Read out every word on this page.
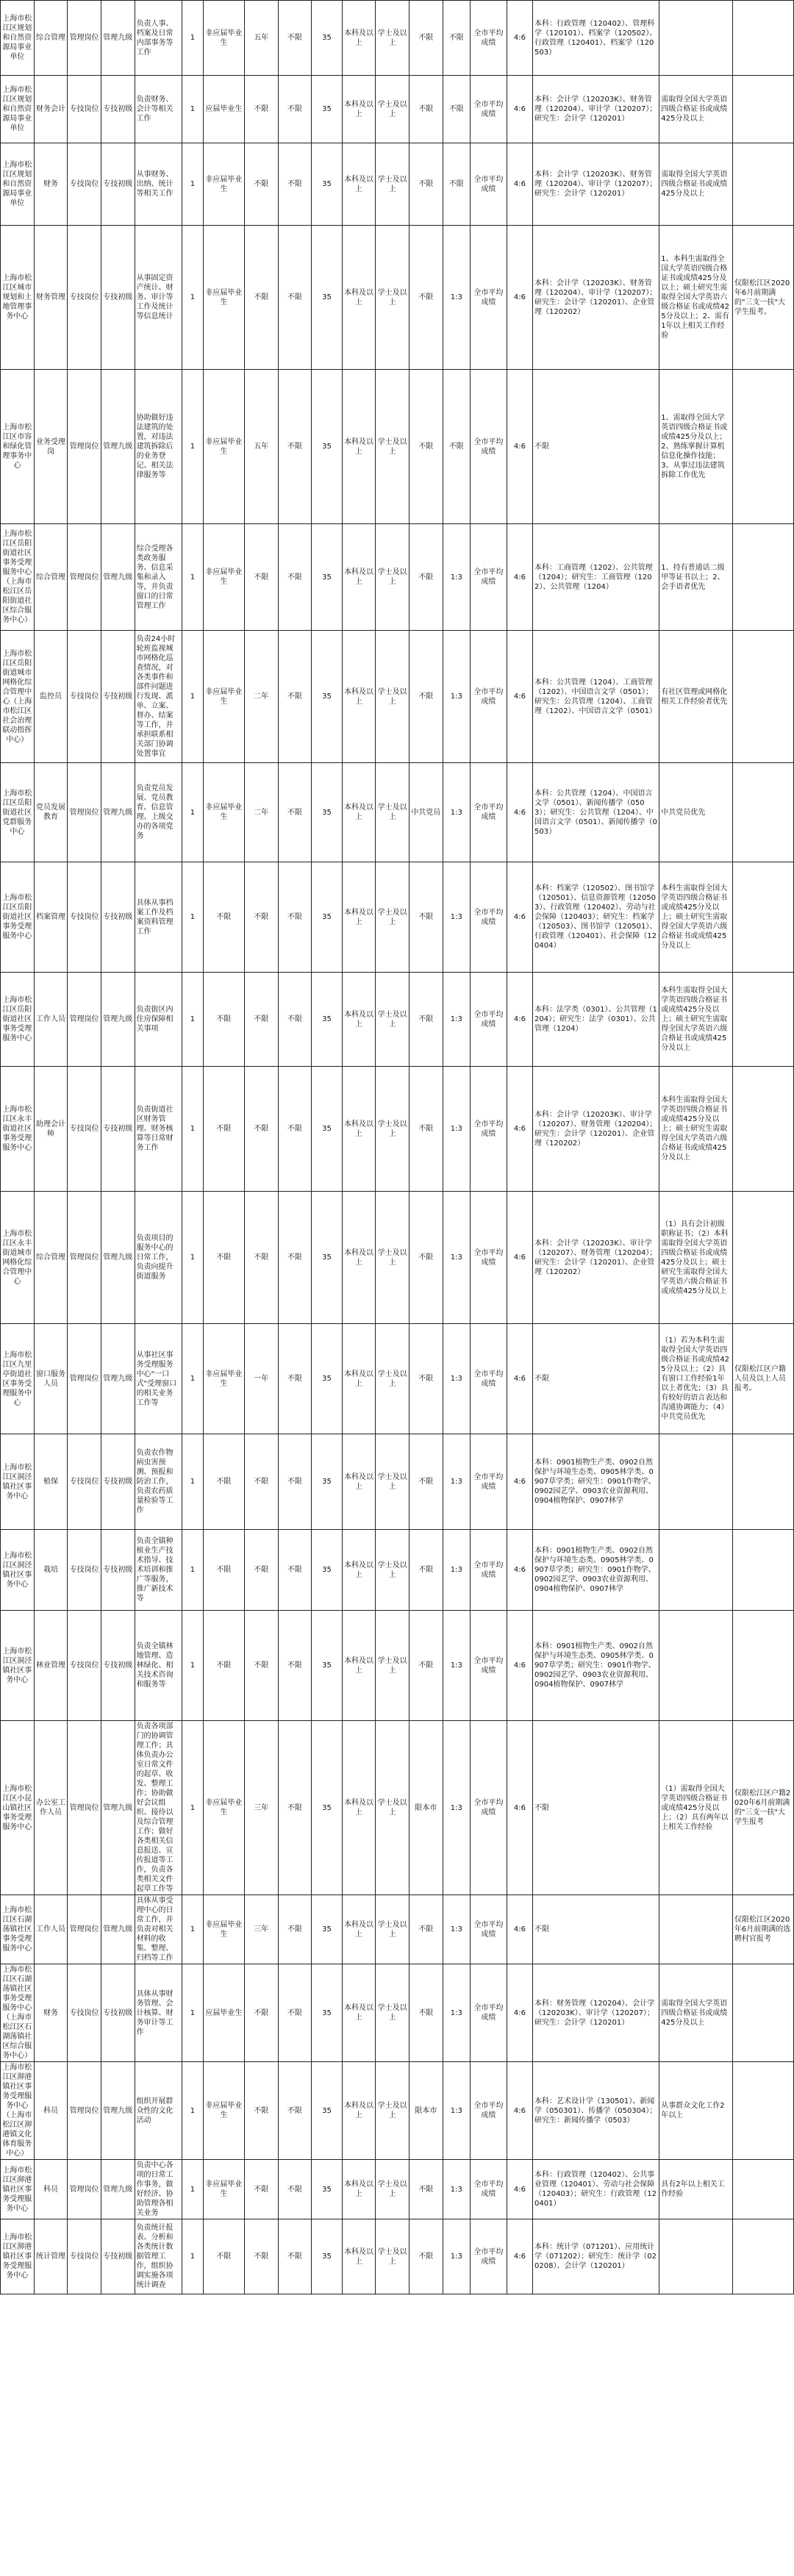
上海市松江区规划和自然资源局事业单位	综合管理	管理岗位	管理九级	负责人事、档案及日常内部事务等工作	1	非应届毕业生	五年	不限	35	本科及以上	学士及以上	不限	不限	全市平均成绩	4:6	本科：行政管理（120402）、管理科学（120101）、档案学（120502）、行政管理（120401）、档案学（120503）		
上海市松江区规划和自然资源局事业单位	财务会计	专技岗位	专技初级	负责财务、会计等相关工作	1	应届毕业生	不限	不限	35	本科及以上	学士及以上	不限	不限	全市平均成绩	4:6	本科：会计学（120203K）、财务管理（120204）、审计学（120207）；研究生：会计学（120201）	需取得全国大学英语四级合格证书或成绩425分及以上	
上海市松江区规划和自然资源局事业单位	财务	专技岗位	专技初级	从事财务、出纳、统计等相关工作	1	非应届毕业生	不限	不限	35	本科及以上	学士及以上	不限	不限	全市平均成绩	4:6	本科：会计学（120203K）、财务管理（120204）、审计学（120207）；研究生：会计学（120201）	需取得全国大学英语四级合格证书或成绩425分及以上	
上海市松江区城市规划和土地管理事务中心	财务管理	专技岗位	专技初级	从事固定资产统计、财务、审计等工作及统计等信息统计	1	非应届毕业生	不限	不限	35	本科及以上	学士及以上	不限	1:3	全市平均成绩	4:6	本科：会计学（120203K）、财务管理（120204）、审计学（120207）；研究生：会计学（120201）、企业管理（120202）	1、本科生需取得全国大学英语四级合格证书或成绩425分及以上；硕士研究生需取得全国大学英语六级合格证书或成绩425分及以上；2、需有1年以上相关工作经验	仅限松江区2020年6月前期满的"三支一扶"大学生报考。
上海市松江区市容和绿化管理事务中心	业务受理岗	管理岗位	管理九级	协助做好违法建筑的处置，对违法建筑拆除后的业务登记、相关法律服务等	1	非应届毕业生	五年	不限	35	本科及以上	学士及以上	不限	不限	全市平均成绩	4:6	不限	1、需取得全国大学英语四级合格证书或成绩425分及以上；2、熟练掌握计算机信息化操作技能；3、从事过违法建筑拆除工作优先	
上海市松江区岳阳街道社区事务受理服务中心（上海市松江区岳阳街道社区综合服务中心）	综合管理	管理岗位	管理九级	综合受理各类政务服务、信息采集和录入等，并负责窗口的日常管理工作	1	非应届毕业生	不限	不限	35	本科及以上	学士及以上	不限	1:3	全市平均成绩	4:6	本科：工商管理（1202）、公共管理（1204）；研究生：工商管理（1202）、公共管理（1204）	1、持有普通话二级甲等证书以上；2、会手语者优先	
上海市松江区岳阳街道城市网格化综合管理中心（上海市松江区社会治理联动指挥中心）	监控员	专技岗位	专技初级	负责24小时轮班监视城市网格化巡查情况，对各类事件和部件问题进行发现、派单、立案、督办、结案等工作，并承担联系相关部门协调处置事宜	1	非应届毕业生	二年	不限	35	本科及以上	学士及以上	不限	1:3	全市平均成绩	4:6	本科：公共管理（1204）、工商管理（1202）、中国语言文学（0501）；研究生：公共管理（1204）、工商管理（1202）、中国语言文学（0501）	有社区管理或网格化相关工作经验者优先	
上海市松江区岳阳街道社区党群服务中心	党员发展教育	管理岗位	管理九级	负责党员发展、党员教育、信息管理、上级交办的各项党务	1	非应届毕业生	二年	不限	35	本科及以上	学士及以上	中共党员	1:3	全市平均成绩	4:6	本科：公共管理（1204）、中国语言文学（0501）、新闻传播学（0503）；研究生：公共管理（1204）、中国语言文学（0501）、新闻传播学（0503）	中共党员优先	
上海市松江区岳阳街道社区事务受理服务中心	档案管理	专技岗位	专技初级	具体从事档案工作及档案资料管理工作	1	不限	不限	不限	35	本科及以上	学士及以上	不限	1:3	全市平均成绩	4:6	本科：档案学（120502）、图书馆学（120501）、信息资源管理（120503）、行政管理（120402）、劳动与社会保障（120403）；研究生：档案学（120503）、图书馆学（120501）、行政管理（120401）、社会保障（120404）	本科生需取得全国大学英语四级合格证书或成绩425分及以上；硕士研究生需取得全国大学英语六级合格证书或成绩425分及以上	
上海市松江区岳阳街道社区事务受理服务中心	工作人员	管理岗位	管理九级	负责街区内住房保障相关事项	1	不限	不限	不限	35	本科及以上	学士及以上	不限	1:3	全市平均成绩	4:6	本科：法学类（0301）、公共管理（1204）；研究生：法学（0301）、公共管理（1204）	本科生需取得全国大学英语四级合格证书或成绩425分及以上；硕士研究生需取得全国大学英语六级合格证书或成绩425分及以上	
上海市松江区永丰街道社区事务受理服务中心	助理会计师	专技岗位	专技初级	负责街道社区财务管理、财务核算等日常财务工作	1	不限	不限	不限	35	本科及以上	学士及以上	不限	1:3	全市平均成绩	4:6	本科：会计学（120203K）、审计学（120207）、财务管理（120204）；研究生：会计学（120201）、企业管理（120202）	本科生需取得全国大学英语四级合格证书或成绩425分及以上；硕士研究生需取得全国大学英语六级合格证书或成绩425分及以上	
上海市松江区永丰街道城市网格化综合管理中心	综合管理	管理岗位	管理九级	负责项目的服务中心的日常工作，负责向提升街道服务	1	不限	不限	不限	35	本科及以上	学士及以上	不限	1:3	全市平均成绩	4:6	本科：会计学（120203K）、审计学（120207）、财务管理（120204）；研究生：会计学（120201）、企业管理（120202）	（1）具有会计初级职称证书；（2）本科需取得全国大学英语四级合格证书或成绩425分及以上；硕士研究生需取得全国大学英语六级合格证书或成绩425分及以上	
上海市松江区九里亭街道社区事务受理服务中心	窗口服务人员	管理岗位	管理九级	从事社区事务受理服务中心"一口式"受理窗口的相关业务工作等	1	非应届毕业生	一年	不限	35	本科及以上	学士及以上	不限	1:3	全市平均成绩	4:6	不限	（1）若为本科生需取得全国大学英语四级合格证书或成绩425分及以上；（2）具有窗口工作经验1年以上者优先；（3）具有较好的语言表达和沟通协调能力；（4）中共党员优先	仅限松江区户籍人员及以上人员报考。
上海市松江区洞泾镇社区事务中心	植保	专技岗位	专技初级	负责农作物病虫害预测、预报和防治工作，负责农药质量检验等工作	1	不限	不限	不限	35	本科及以上	学士及以上	不限	1:3	全市平均成绩	4:6	本科：0901植物生产类、0902自然保护与环境生态类、0905林学类、0907草学类；研究生：0901作物学、0902园艺学、0903农业资源利用、0904植物保护、0907林学		
上海市松江区洞泾镇社区事务中心	栽培	专技岗位	专技初级	负责全镇种植业生产技术指导、技术培训和推广等服务，推广新技术等	1	不限	不限	不限	35	本科及以上	学士及以上	不限	1:3	全市平均成绩	4:6	本科：0901植物生产类、0902自然保护与环境生态类、0905林学类、0907草学类；研究生：0901作物学、0902园艺学、0903农业资源利用、0904植物保护、0907林学		
上海市松江区洞泾镇社区事务中心	林业管理	专技岗位	专技初级	负责全镇林地管理、造林绿化、相关技术咨询和服务等	1	不限	不限	不限	35	本科及以上	学士及以上	不限	1:3	全市平均成绩	4:6	本科：0901植物生产类、0902自然保护与环境生态类、0905林学类、0907草学类；研究生：0901作物学、0902园艺学、0903农业资源利用、0904植物保护、0907林学		
上海市松江区小昆山镇社区事务受理服务中心	办公室工作人员	管理岗位	管理九级	负责各项部门的协调管理工作；具体负责办公室日常文件的起草、收发、整理工作；协助做好会议组织、接待以及综合管理工作；做好各类相关信息报送、宣传报道等工作，负责各类相关文件起草工作等	1	非应届毕业生	三年	不限	35	本科及以上	学士及以上	限本市	1:3	全市平均成绩	4:6	不限	（1）需取得全国大学英语四级合格证书或成绩425分及以上；（2）具有两年以上相关工作经验	仅限松江区户籍2020年6月前期满的"三支一扶"大学生报考
上海市松江区石湖荡镇社区事务受理服务中心	工作人员	管理岗位	管理九级	具体从事受理中心的日常工作，并负责对相关材料的收集、整理、归档等工作	1	非应届毕业生	三年	不限	35	本科及以上	学士及以上	不限	1:3	全市平均成绩	4:6	不限		仅限松江区2020年6月前期满的选聘村官报考
上海市松江区石湖荡镇社区事务受理服务中心（上海市松江区石湖荡镇社区综合服务中心）	财务	专技岗位	专技初级	具体从事财务管理、会计核算、财务审计等工作	1	应届毕业生	不限	不限	35	本科及以上	学士及以上	不限	1:3	全市平均成绩	4:6	本科：财务管理（120204）、会计学（120203K）、审计学（120207）；研究生：会计学（120201）	需取得全国大学英语四级合格证书或成绩425分及以上	
上海市松江区泖港镇社区事务受理服务中心（上海市松江区泖港镇文化体育服务中心）	科员	管理岗位	管理九级	组织开展群众性的文化活动	1	非应届毕业生	不限	不限	35	本科及以上	学士及以上	限本市	1:3	全市平均成绩	4:6	本科：艺术设计学（130501）、新闻学（050301）、传播学（050304）；研究生：新闻传播学（0503）	从事群众文化工作2年以上	
上海市松江区泖港镇社区事务受理服务中心	科员	管理岗位	管理九级	负责中心各项的日常工作事务，做好经济、协助管理各相关业务	1	非应届毕业生	不限	不限	35	本科及以上	学士及以上	不限	1:3	全市平均成绩	4:6	本科：行政管理（120402）、公共事业管理（120401）、劳动与社会保障（120403）；研究生：行政管理（120401）	具有2年以上相关工作经验	
上海市松江区泖港镇社区事务受理服务中心	统计管理	专技岗位	专技初级	负责统计报表、分析和各类统计数据管理工作，组织协调实施各项统计调查	1	不限	不限	不限	35	本科及以上	学士及以上	不限	1:3	全市平均成绩	4:6	本科：统计学（071201）、应用统计学（071202）；研究生：统计学（020208）、会计学（120201）		
